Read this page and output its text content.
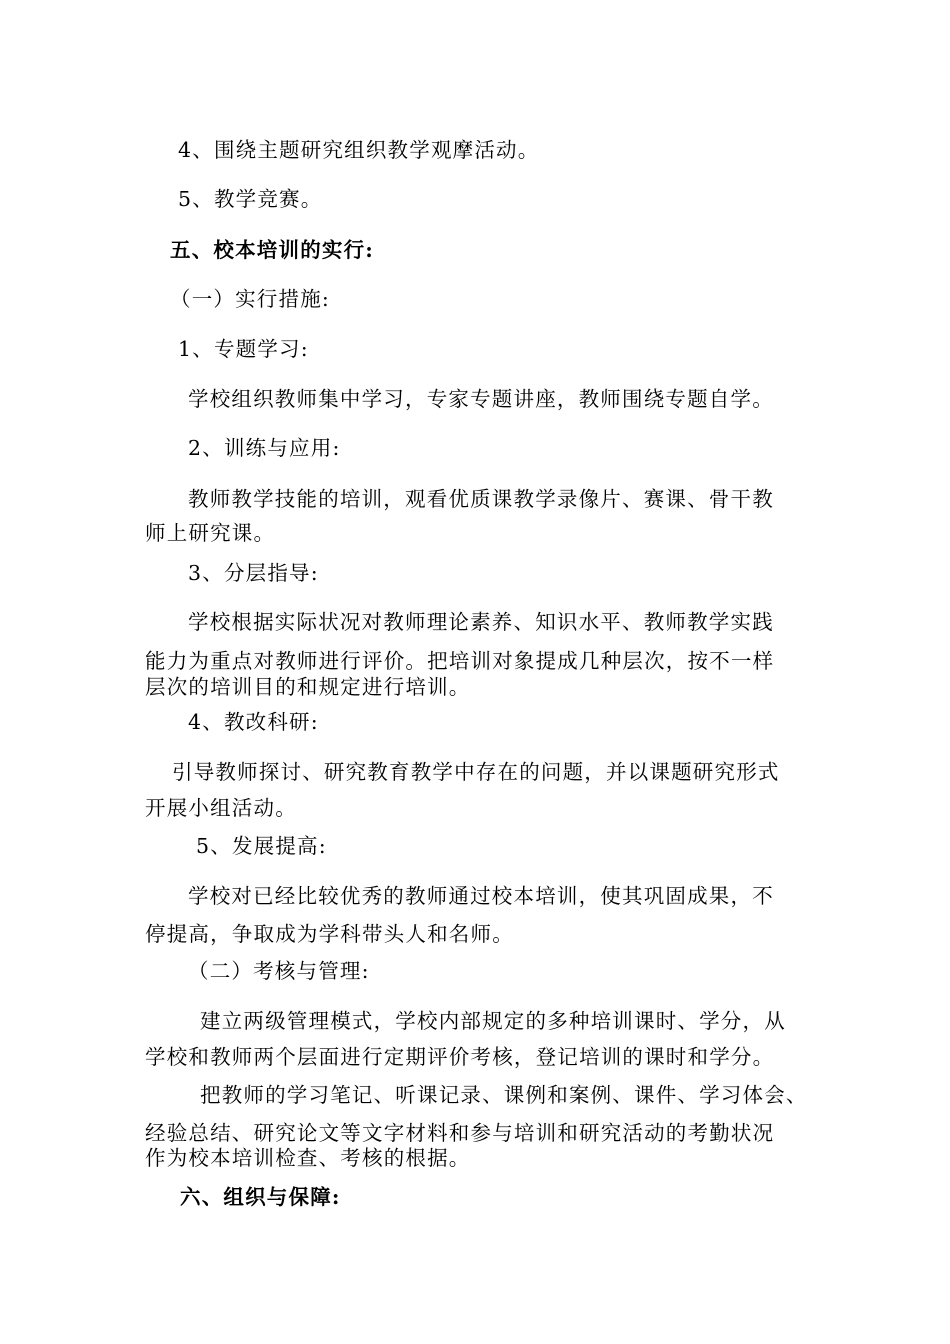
4、围绕主题研究组织教学观摩活动。
5、教学竞赛。
五、校本培训的实行:
（一）实行措施:
1、专题学习:
学校组织教师集中学习，专家专题讲座，教师围绕专题自学。
2、训练与应用:
教师教学技能的培训，观看优质课教学录像片、赛课、骨干教
师上研究课。
3、分层指导:
学校根据实际状况对教师理论素养、知识水平、教师教学实践
能力为重点对教师进行评价。把培训对象提成几种层次，按不一样
层次的培训目的和规定进行培训。
4、教改科研:
引导教师探讨、研究教育教学中存在的问题，并以课题研究形式
开展小组活动。
5、发展提高:
学校对已经比较优秀的教师通过校本培训，使其巩固成果，不
停提高，争取成为学科带头人和名师。
（二）考核与管理:
建立两级管理模式，学校内部规定的多种培训课时、学分，从
学校和教师两个层面进行定期评价考核，登记培训的课时和学分。
把教师的学习笔记、听课记录、课例和案例、课件、学习体会、
经验总结、研究论文等文字材料和参与培训和研究活动的考勤状况
作为校本培训检查、考核的根据。
六、组织与保障:
